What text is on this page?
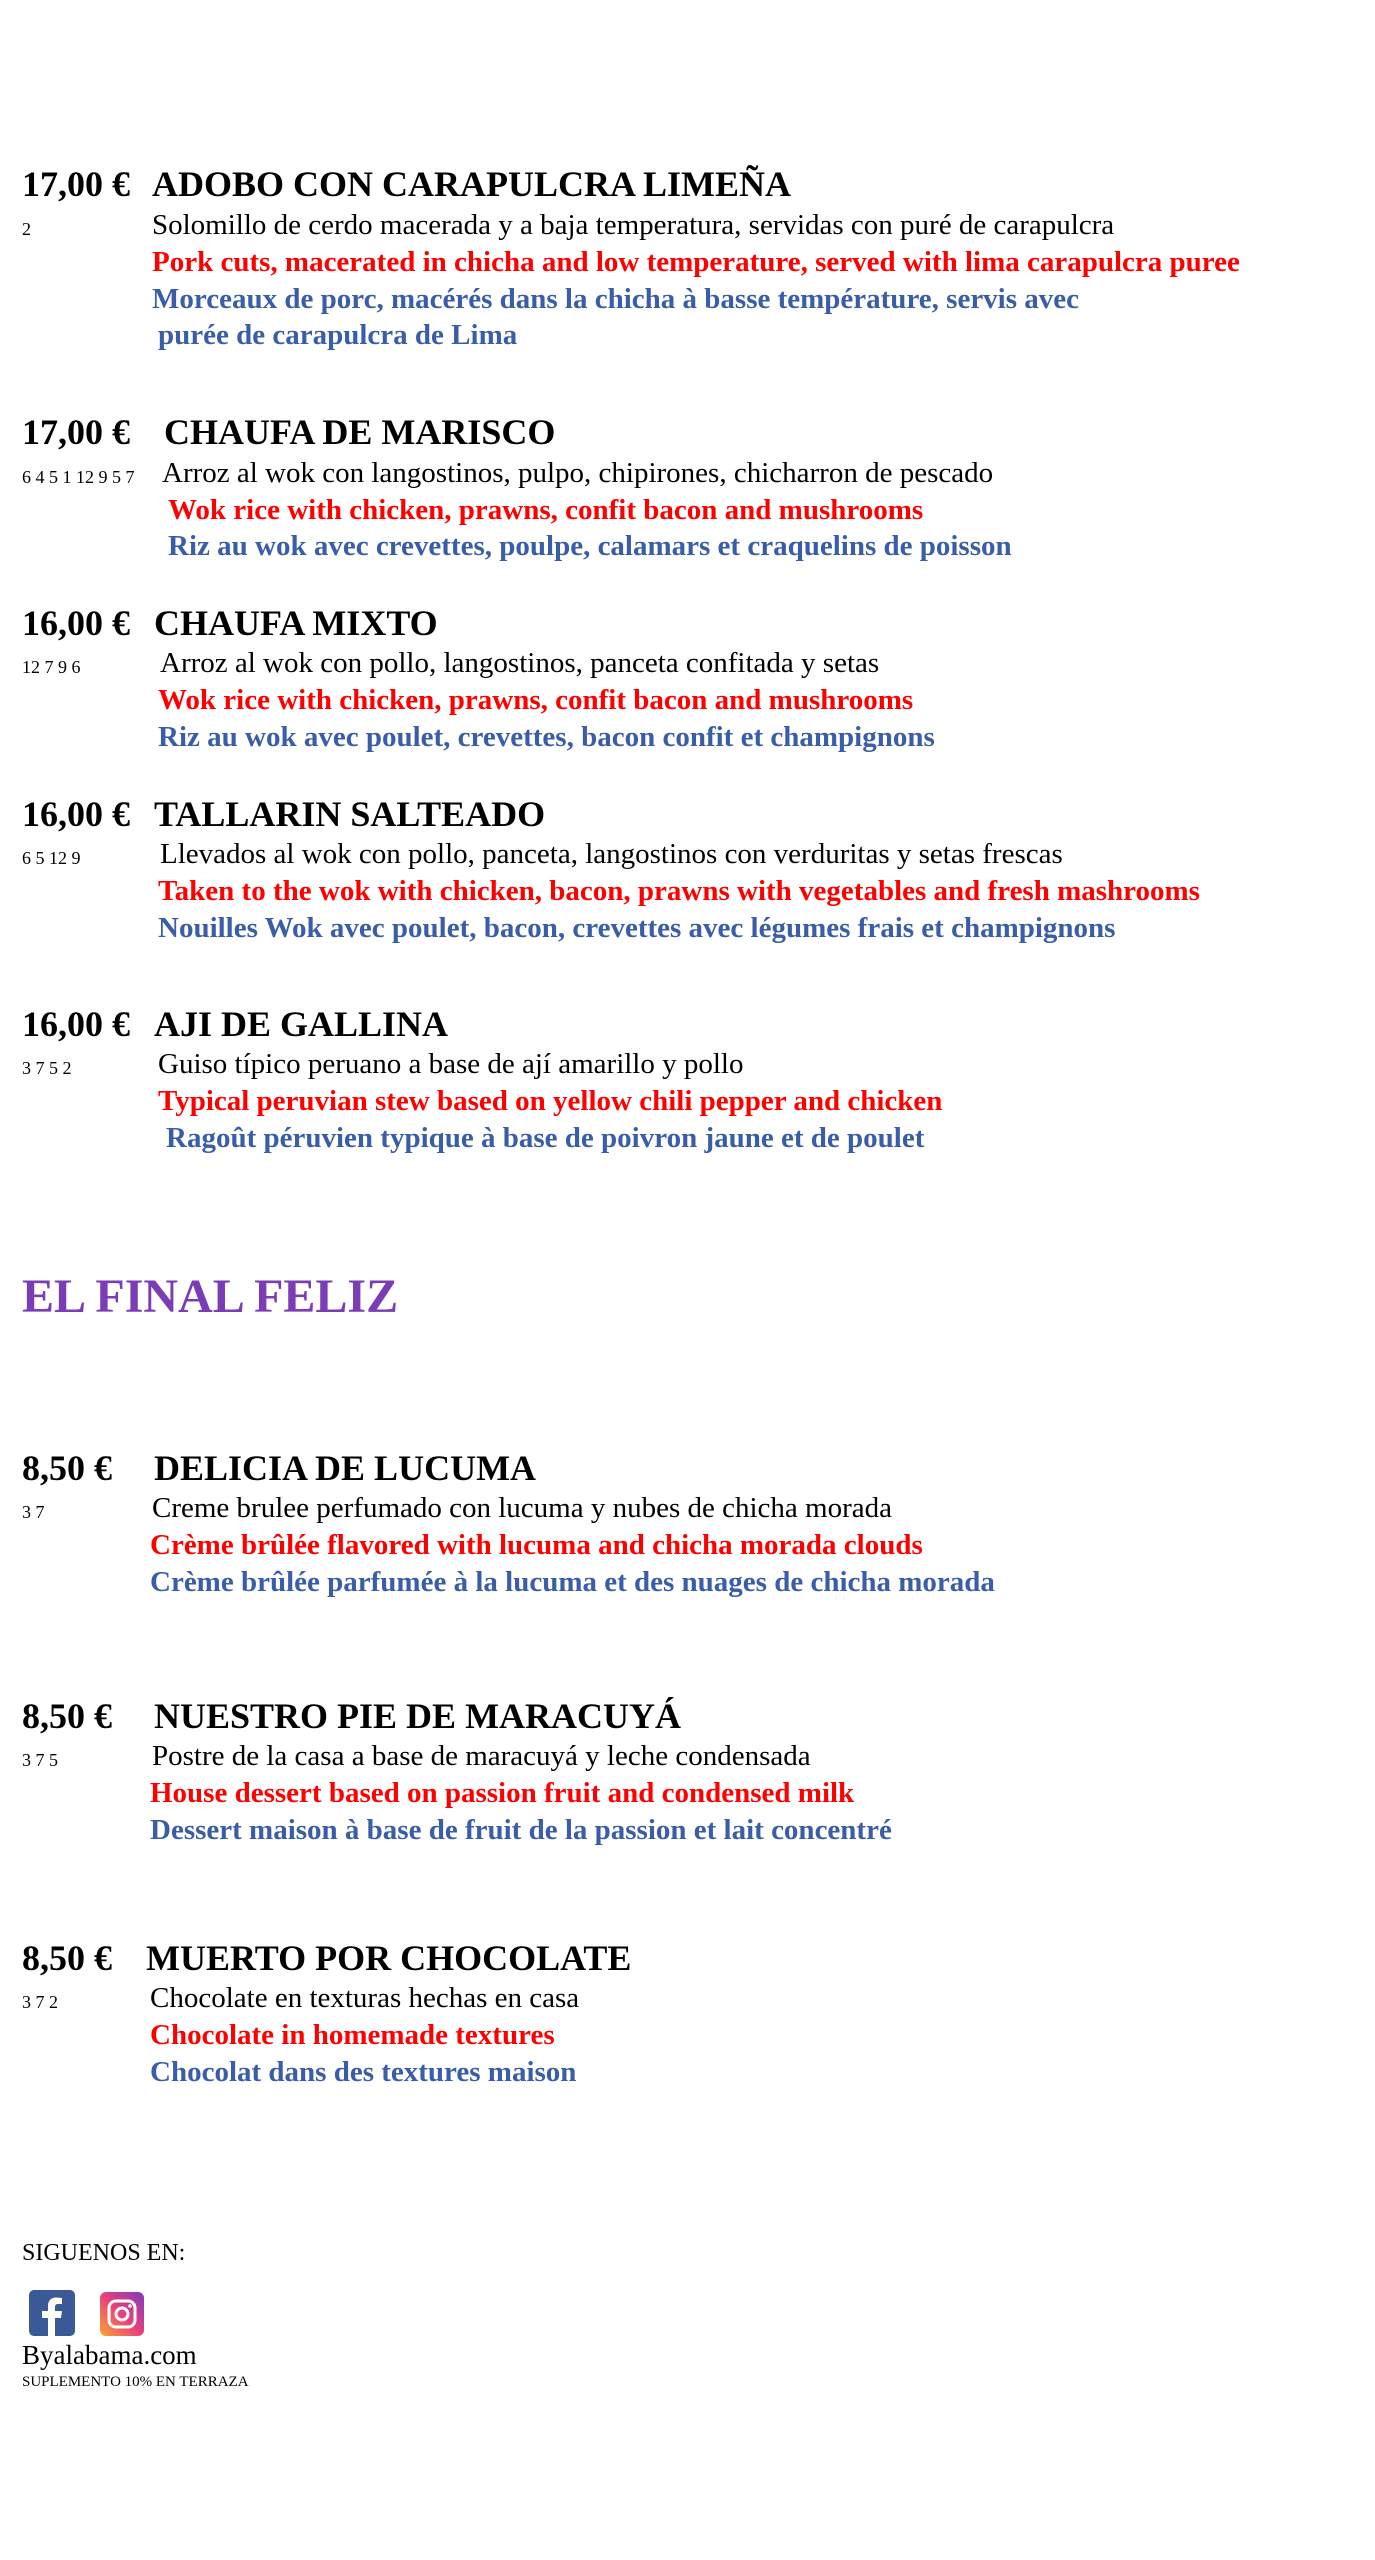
17,00 € ADOBO CON CARAPULCRA LIMEÑA
2	Solomillo de cerdo macerada y a baja temperatura, servidas con puré de carapulcra
Pork cuts, macerated in chicha and low temperature, served with lima carapulcra puree
Morceaux de porc, macérés dans la chicha à basse température, servis avec
purée de carapulcra de Lima
17,00 € CHAUFA DE MARISCO
6 4 5 1 12 9 5 7 Arroz al wok con langostinos, pulpo, chipirones, chicharron de pescado
Wok rice with chicken, prawns, confit bacon and mushrooms
Riz au wok avec crevettes, poulpe, calamars et craquelins de poisson
16,00 € CHAUFA MIXTO
12 7 9 6	Arroz al wok con pollo, langostinos, panceta confitada y setas
Wok rice with chicken, prawns, confit bacon and mushrooms
Riz au wok avec poulet, crevettes, bacon confit et champignons
16,00 € TALLARIN SALTEADO
6 5 12 9	Llevados al wok con pollo, panceta, langostinos con verduritas y setas frescas
Taken to the wok with chicken, bacon, prawns with vegetables and fresh mashrooms
Nouilles Wok avec poulet, bacon, crevettes avec légumes frais et champignons
16,00 € AJI DE GALLINA
3 7 5 2	Guiso típico peruano a base de ají amarillo y pollo
Typical peruvian stew based on yellow chili pepper and chicken
Ragoût péruvien typique à base de poivron jaune et de poulet
EL FINAL FELIZ
8,50 € DELICIA DE LUCUMA
3 7	Creme brulee perfumado con lucuma y nubes de chicha morada
Crème brûlée flavored with lucuma and chicha morada clouds
Crème brûlée parfumée à la lucuma et des nuages de chicha morada
8,50 € NUESTRO PIE DE MARACUYÁ
3 7 5	Postre de la casa a base de maracuyá y leche condensada
House dessert based on passion fruit and condensed milk
Dessert maison à base de fruit de la passion et lait concentré
8,50 € MUERTO POR CHOCOLATE
3 7 2	Chocolate en texturas hechas en casa
Chocolate in homemade textures
Chocolat dans des textures maison
SIGUENOS EN:
Byalabama.com
SUPLEMENTO 10% EN TERRAZA
